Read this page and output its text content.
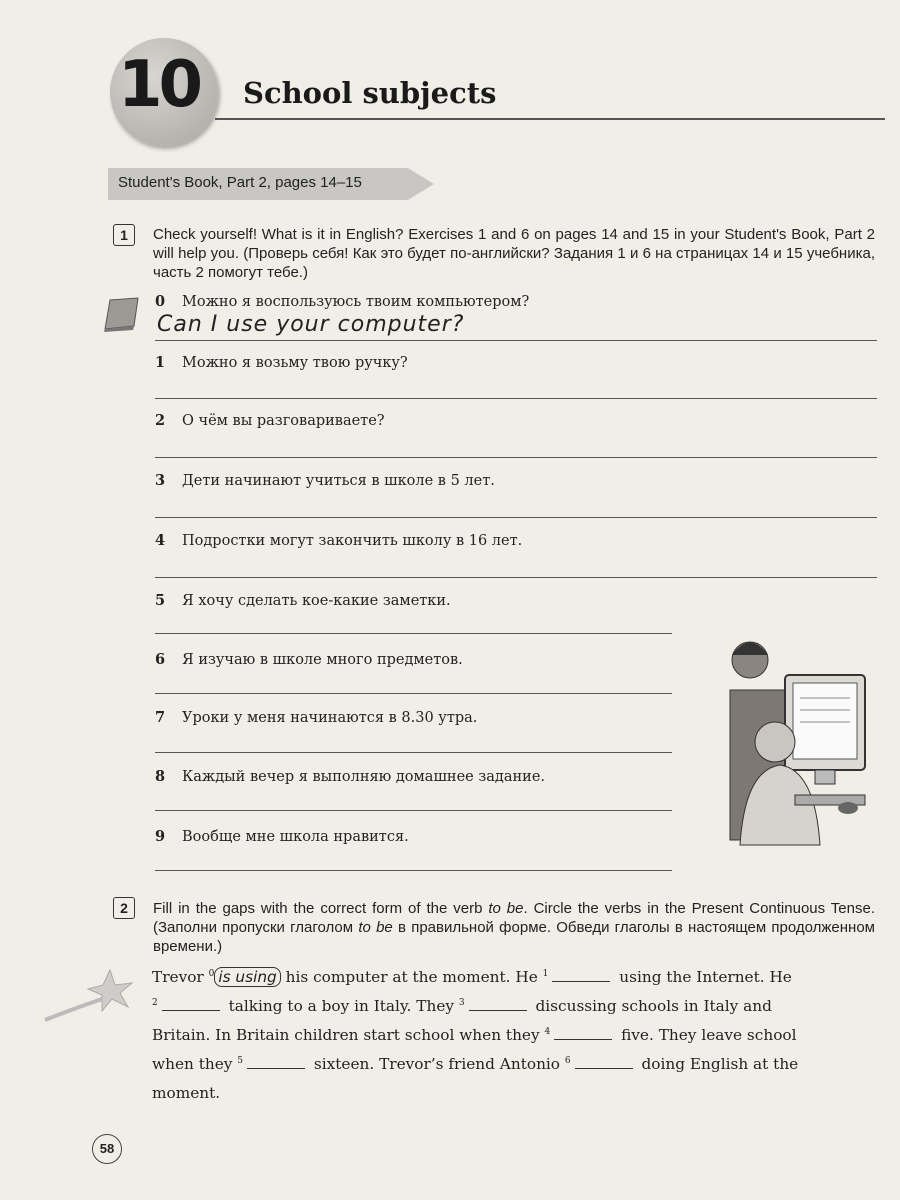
10 School subjects
Student's Book, Part 2, pages 14–15
1	Check yourself! What is it in English? Exercises 1 and 6 on pages 14 and 15 in your Student's Book, Part 2 will help you. (Проверь себя! Как это будет по-английски? Задания 1 и 6 на страницах 14 и 15 учебника, часть 2 помогут тебе.)
0 Можно я воспользуюсь твоим компьютером?
1 Можно я возьму твою ручку?
2 О чём вы разговариваете?
3 Дети начинают учиться в школе в 5 лет.
4 Подростки могут закончить школу в 16 лет.
5 Я хочу сделать кое-какие заметки.
6 Я изучаю в школе много предметов.
7 Уроки у меня начинаются в 8.30 утра.
8 Каждый вечер я выполняю домашнее задание.
9 Вообще мне школа нравится.
Can I use your computer?
2	Fill in the gaps with the correct form of the verb to be. Circle the verbs in the Present Continuous Tense. (Заполни пропуски глаголом to be в правильной форме. Обведи глаголы в настоящем продолженном времени.)
Trevor $^0$ is using his computer at the moment. He $^1$	using the Internet. He
$^2$	talking to a boy in Italy. They $^3$	discussing schools in Italy and
Britain. In Britain children start school when they $^4$	five. They leave school
when they $^5$	sixteen. Trevor’s friend Antonio $^6$	doing English at the
moment.
58
